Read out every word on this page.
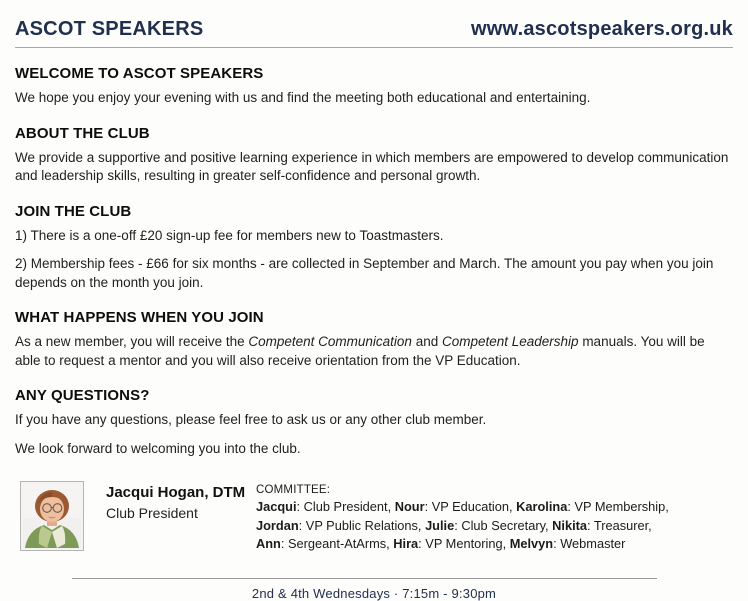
ASCOT SPEAKERS	www.ascotspeakers.org.uk
WELCOME TO ASCOT SPEAKERS

We hope you enjoy your evening with us and find the meeting both educational and entertaining.

ABOUT THE CLUB

We provide a supportive and positive learning experience in which members are empowered to develop communication and leadership skills, resulting in greater self-confidence and personal growth.

JOIN THE CLUB

1) There is a one-off £20 sign-up fee for members new to Toastmasters.

2) Membership fees - £66 for six months - are collected in September and March. The amount you pay when you join depends on the month you join.

WHAT HAPPENS WHEN YOU JOIN

As a new member, you will receive the Competent Communication and Competent Leadership manuals. You will be able to request a mentor and you will also receive orientation from the VP Education.

ANY QUESTIONS?

If you have any questions, please feel free to ask us or any other club member.

We look forward to welcoming you into the club.

Jacqui Hogan, DTM
Club President
COMMITTEE:
Jacqui: Club President, Nour: VP Education, Karolina: VP Membership,
Jordan: VP Public Relations, Julie: Club Secretary, Nikita: Treasurer,
Ann: Sergeant-AtArms, Hira: VP Mentoring, Melvyn: Webmaster
2nd & 4th Wednesdays · 7:15m - 9:30pm
